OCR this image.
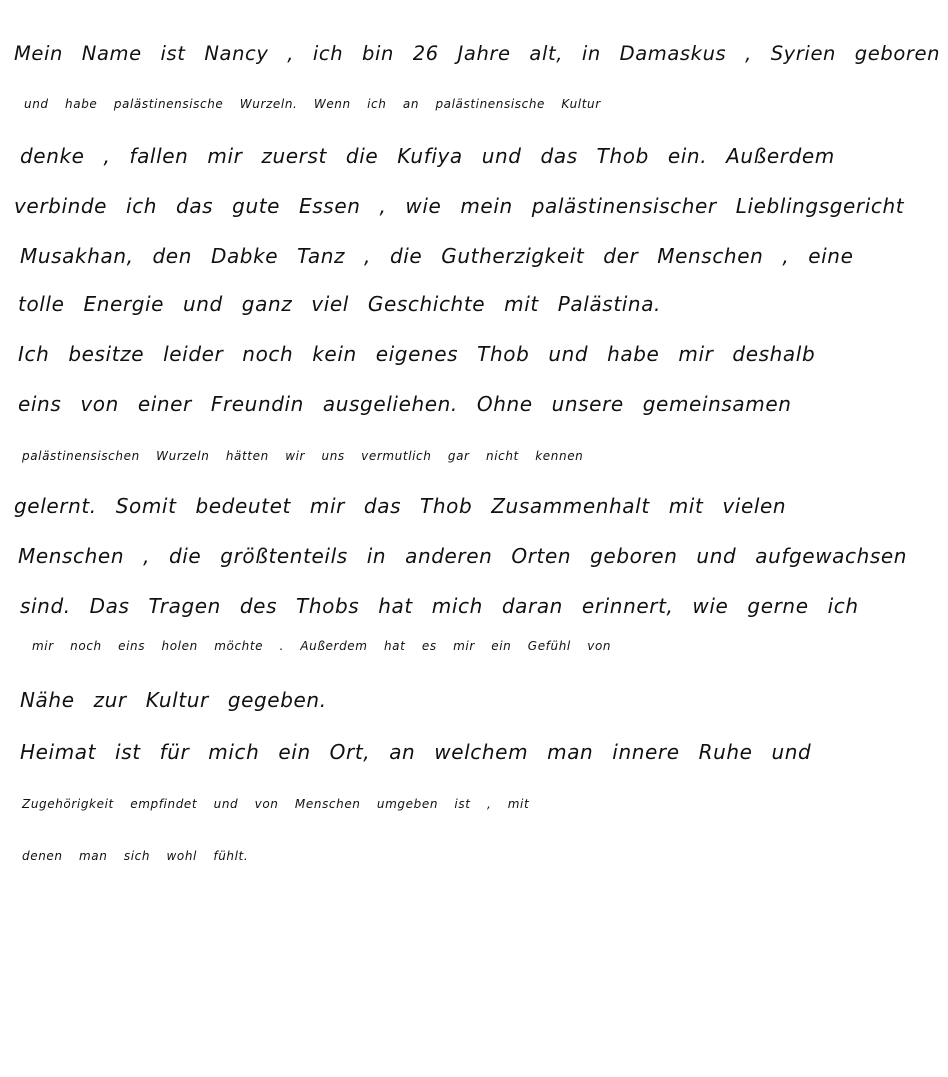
Mein Name ist Nancy , ich bin 26 Jahre alt, in Damaskus , Syrien geboren
und habe palästinensische Wurzeln. Wenn ich an palästinensische Kultur
denke , fallen mir zuerst die Kufiya und das Thob ein. Außerdem
verbinde ich das gute Essen , wie mein palästinensischer Lieblingsgericht
Musakhan, den Dabke Tanz , die Gutherzigkeit der Menschen , eine
tolle Energie und ganz viel Geschichte mit Palästina.
Ich besitze leider noch kein eigenes Thob und habe mir deshalb
eins von einer Freundin ausgeliehen. Ohne unsere gemeinsamen
palästinensischen Wurzeln hätten wir uns vermutlich gar nicht kennen
gelernt. Somit bedeutet mir das Thob Zusammenhalt mit vielen
Menschen , die größtenteils in anderen Orten geboren und aufgewachsen
sind. Das Tragen des Thobs hat mich daran erinnert, wie gerne ich
mir noch eins holen möchte . Außerdem hat es mir ein Gefühl von
Nähe zur Kultur gegeben.
Heimat ist für mich ein Ort, an welchem man innere Ruhe und
Zugehörigkeit empfindet und von Menschen umgeben ist , mit
denen man sich wohl fühlt.
